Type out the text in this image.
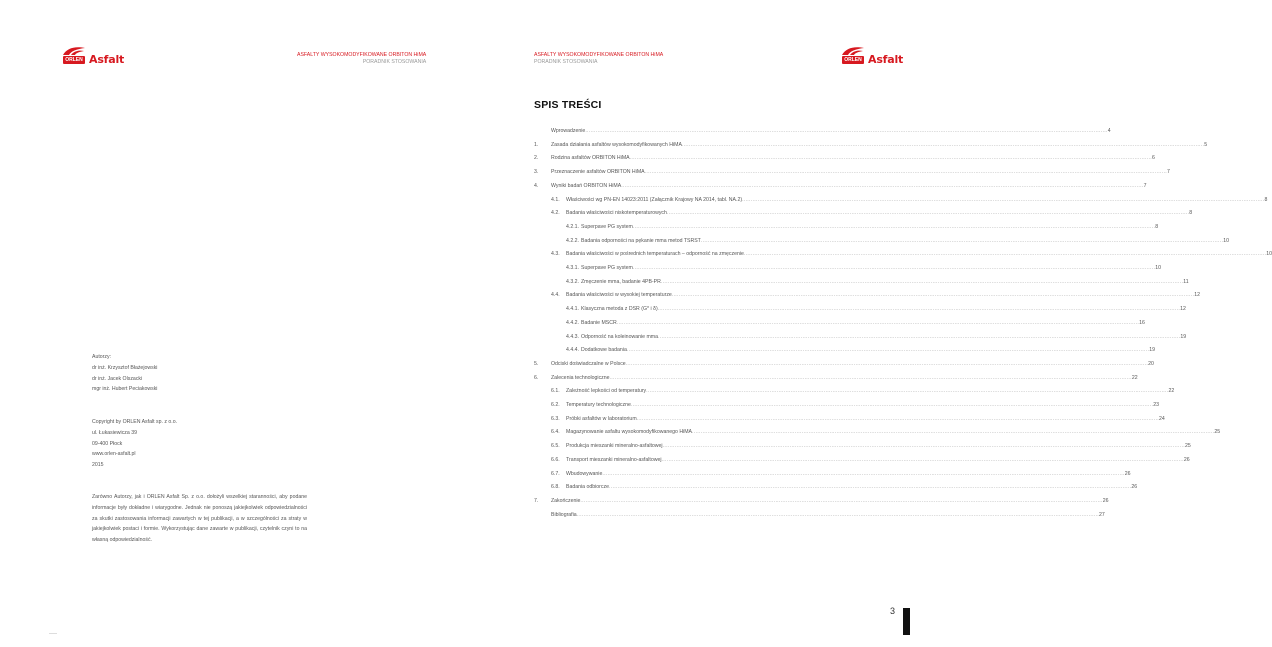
ORLEN Asfalt	ASFALTY WYSOKOMODYFIKOWANE ORBITON HiMA
PORADNIK STOSOWANIA
Autorzy:
dr inż. Krzysztof Błażejowski
dr inż. Jacek Olszacki
mgr inż. Hubert Peciakowski
Copyright by ORLEN Asfalt sp. z o.o.
ul. Łukasiewicza 39
09-400 Płock
www.orlen-asfalt.pl
2015
Zarówno Autorzy, jak i ORLEN Asfalt Sp. z o.o. dołożyli wszelkiej staranności, aby podane informacje były dokładne i wiarygodne. Jednak nie ponoszą jakiejkolwiek odpowiedzialności za skutki zastosowania informacji zawartych w tej publikacji, a w szczególności za straty w jakiejkolwiek postaci i formie. Wykorzystując dane zawarte w publikacji, czytelnik czyni to na własną odpowiedzialność.
ASFALTY WYSOKOMODYFIKOWANE ORBITON HiMA
PORADNIK STOSOWANIA	ORLEN Asfalt
SPIS TREŚCI
Wprowadzenie ............................................................................................................................................................................................................................................................................................................ 4
1. Zasada działania asfaltów wysokomodyfikowanych HiMA ............................................................................................................................................................................................................................................................................................................ 5
2. Rodzina asfaltów ORBITON HiMA ............................................................................................................................................................................................................................................................................................................ 6
3. Przeznaczenie asfaltów ORBITON HiMA ............................................................................................................................................................................................................................................................................................................ 7
4. Wyniki badań ORBITON HiMA ............................................................................................................................................................................................................................................................................................................ 7
4.1. Właściwości wg PN-EN 14023:2011 (Załącznik Krajowy NA 2014, tabl. NA.2) ............................................................................................................................................................................................................................................................................................................ 8
4.2. Badania właściwości niskotemperaturowych ............................................................................................................................................................................................................................................................................................................ 8
4.2.1. Superpave PG system ............................................................................................................................................................................................................................................................................................................ 8
4.2.2. Badania odporności na pękanie mma metod TSRST ............................................................................................................................................................................................................................................................................................................ 10
4.3. Badania właściwości w pośrednich temperaturach – odporność na zmęczenie ............................................................................................................................................................................................................................................................................................................ 10
4.3.1. Superpave PG system ............................................................................................................................................................................................................................................................................................................ 10
4.3.2. Zmęczenie mma, badanie 4PB-PR ............................................................................................................................................................................................................................................................................................................ 11
4.4. Badania właściwości w wysokiej temperaturze ............................................................................................................................................................................................................................................................................................................ 12
4.4.1. Klasyczna metoda z DSR (G* i δ) ............................................................................................................................................................................................................................................................................................................ 12
4.4.2. Badanie MSCR ............................................................................................................................................................................................................................................................................................................ 16
4.4.3. Odporność na koleinowanie mma ............................................................................................................................................................................................................................................................................................................ 19
4.4.4. Dodatkowe badania ............................................................................................................................................................................................................................................................................................................ 19
5. Odciski doświadczalne w Polsce ............................................................................................................................................................................................................................................................................................................ 20
6. Zalecenia technologiczne ............................................................................................................................................................................................................................................................................................................ 22
6.1. Zależność lepkości od temperatury ............................................................................................................................................................................................................................................................................................................ 22
6.2. Temperatury technologiczne ............................................................................................................................................................................................................................................................................................................ 23
6.3. Próbki asfaltów w laboratorium ............................................................................................................................................................................................................................................................................................................ 24
6.4. Magazynowanie asfaltu wysokomodyfikowanego HiMA ............................................................................................................................................................................................................................................................................................................ 25
6.5. Produkcja mieszanki mineralno-asfaltowej ............................................................................................................................................................................................................................................................................................................ 25
6.6. Transport mieszanki mineralno-asfaltowej ............................................................................................................................................................................................................................................................................................................ 26
6.7. Wbudowywanie ............................................................................................................................................................................................................................................................................................................ 26
6.8. Badania odbiorcze ............................................................................................................................................................................................................................................................................................................ 26
7. Zakończenie ............................................................................................................................................................................................................................................................................................................ 26
Bibliografia ............................................................................................................................................................................................................................................................................................................ 27
3
